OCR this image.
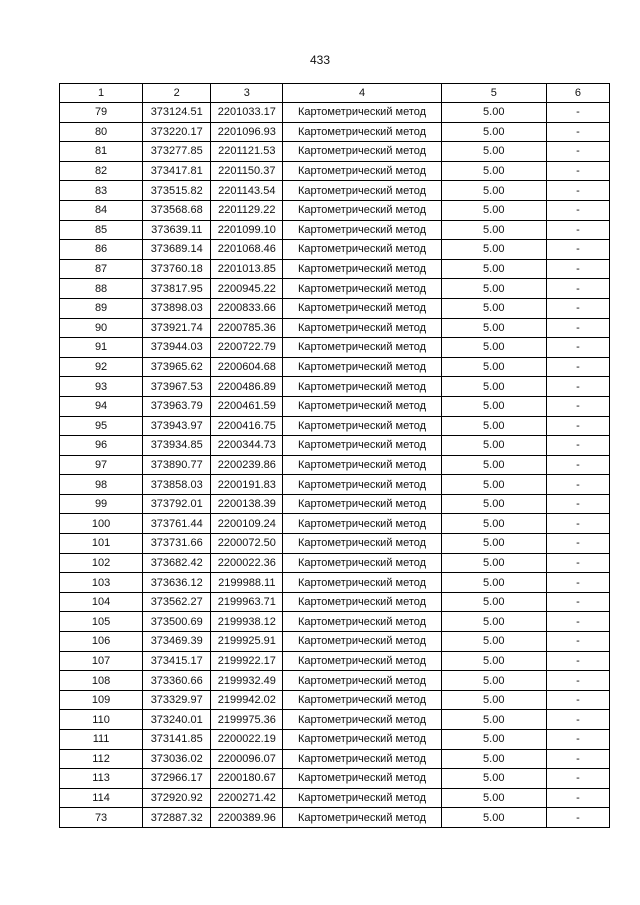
433
1	2	3	4	5	6
79	373124.51	2201033.17	Картометрический метод	5.00	-
80	373220.17	2201096.93	Картометрический метод	5.00	-
81	373277.85	2201121.53	Картометрический метод	5.00	-
82	373417.81	2201150.37	Картометрический метод	5.00	-
83	373515.82	2201143.54	Картометрический метод	5.00	-
84	373568.68	2201129.22	Картометрический метод	5.00	-
85	373639.11	2201099.10	Картометрический метод	5.00	-
86	373689.14	2201068.46	Картометрический метод	5.00	-
87	373760.18	2201013.85	Картометрический метод	5.00	-
88	373817.95	2200945.22	Картометрический метод	5.00	-
89	373898.03	2200833.66	Картометрический метод	5.00	-
90	373921.74	2200785.36	Картометрический метод	5.00	-
91	373944.03	2200722.79	Картометрический метод	5.00	-
92	373965.62	2200604.68	Картометрический метод	5.00	-
93	373967.53	2200486.89	Картометрический метод	5.00	-
94	373963.79	2200461.59	Картометрический метод	5.00	-
95	373943.97	2200416.75	Картометрический метод	5.00	-
96	373934.85	2200344.73	Картометрический метод	5.00	-
97	373890.77	2200239.86	Картометрический метод	5.00	-
98	373858.03	2200191.83	Картометрический метод	5.00	-
99	373792.01	2200138.39	Картометрический метод	5.00	-
100	373761.44	2200109.24	Картометрический метод	5.00	-
101	373731.66	2200072.50	Картометрический метод	5.00	-
102	373682.42	2200022.36	Картометрический метод	5.00	-
103	373636.12	2199988.11	Картометрический метод	5.00	-
104	373562.27	2199963.71	Картометрический метод	5.00	-
105	373500.69	2199938.12	Картометрический метод	5.00	-
106	373469.39	2199925.91	Картометрический метод	5.00	-
107	373415.17	2199922.17	Картометрический метод	5.00	-
108	373360.66	2199932.49	Картометрический метод	5.00	-
109	373329.97	2199942.02	Картометрический метод	5.00	-
110	373240.01	2199975.36	Картометрический метод	5.00	-
111	373141.85	2200022.19	Картометрический метод	5.00	-
112	373036.02	2200096.07	Картометрический метод	5.00	-
113	372966.17	2200180.67	Картометрический метод	5.00	-
114	372920.92	2200271.42	Картометрический метод	5.00	-
73	372887.32	2200389.96	Картометрический метод	5.00	-
